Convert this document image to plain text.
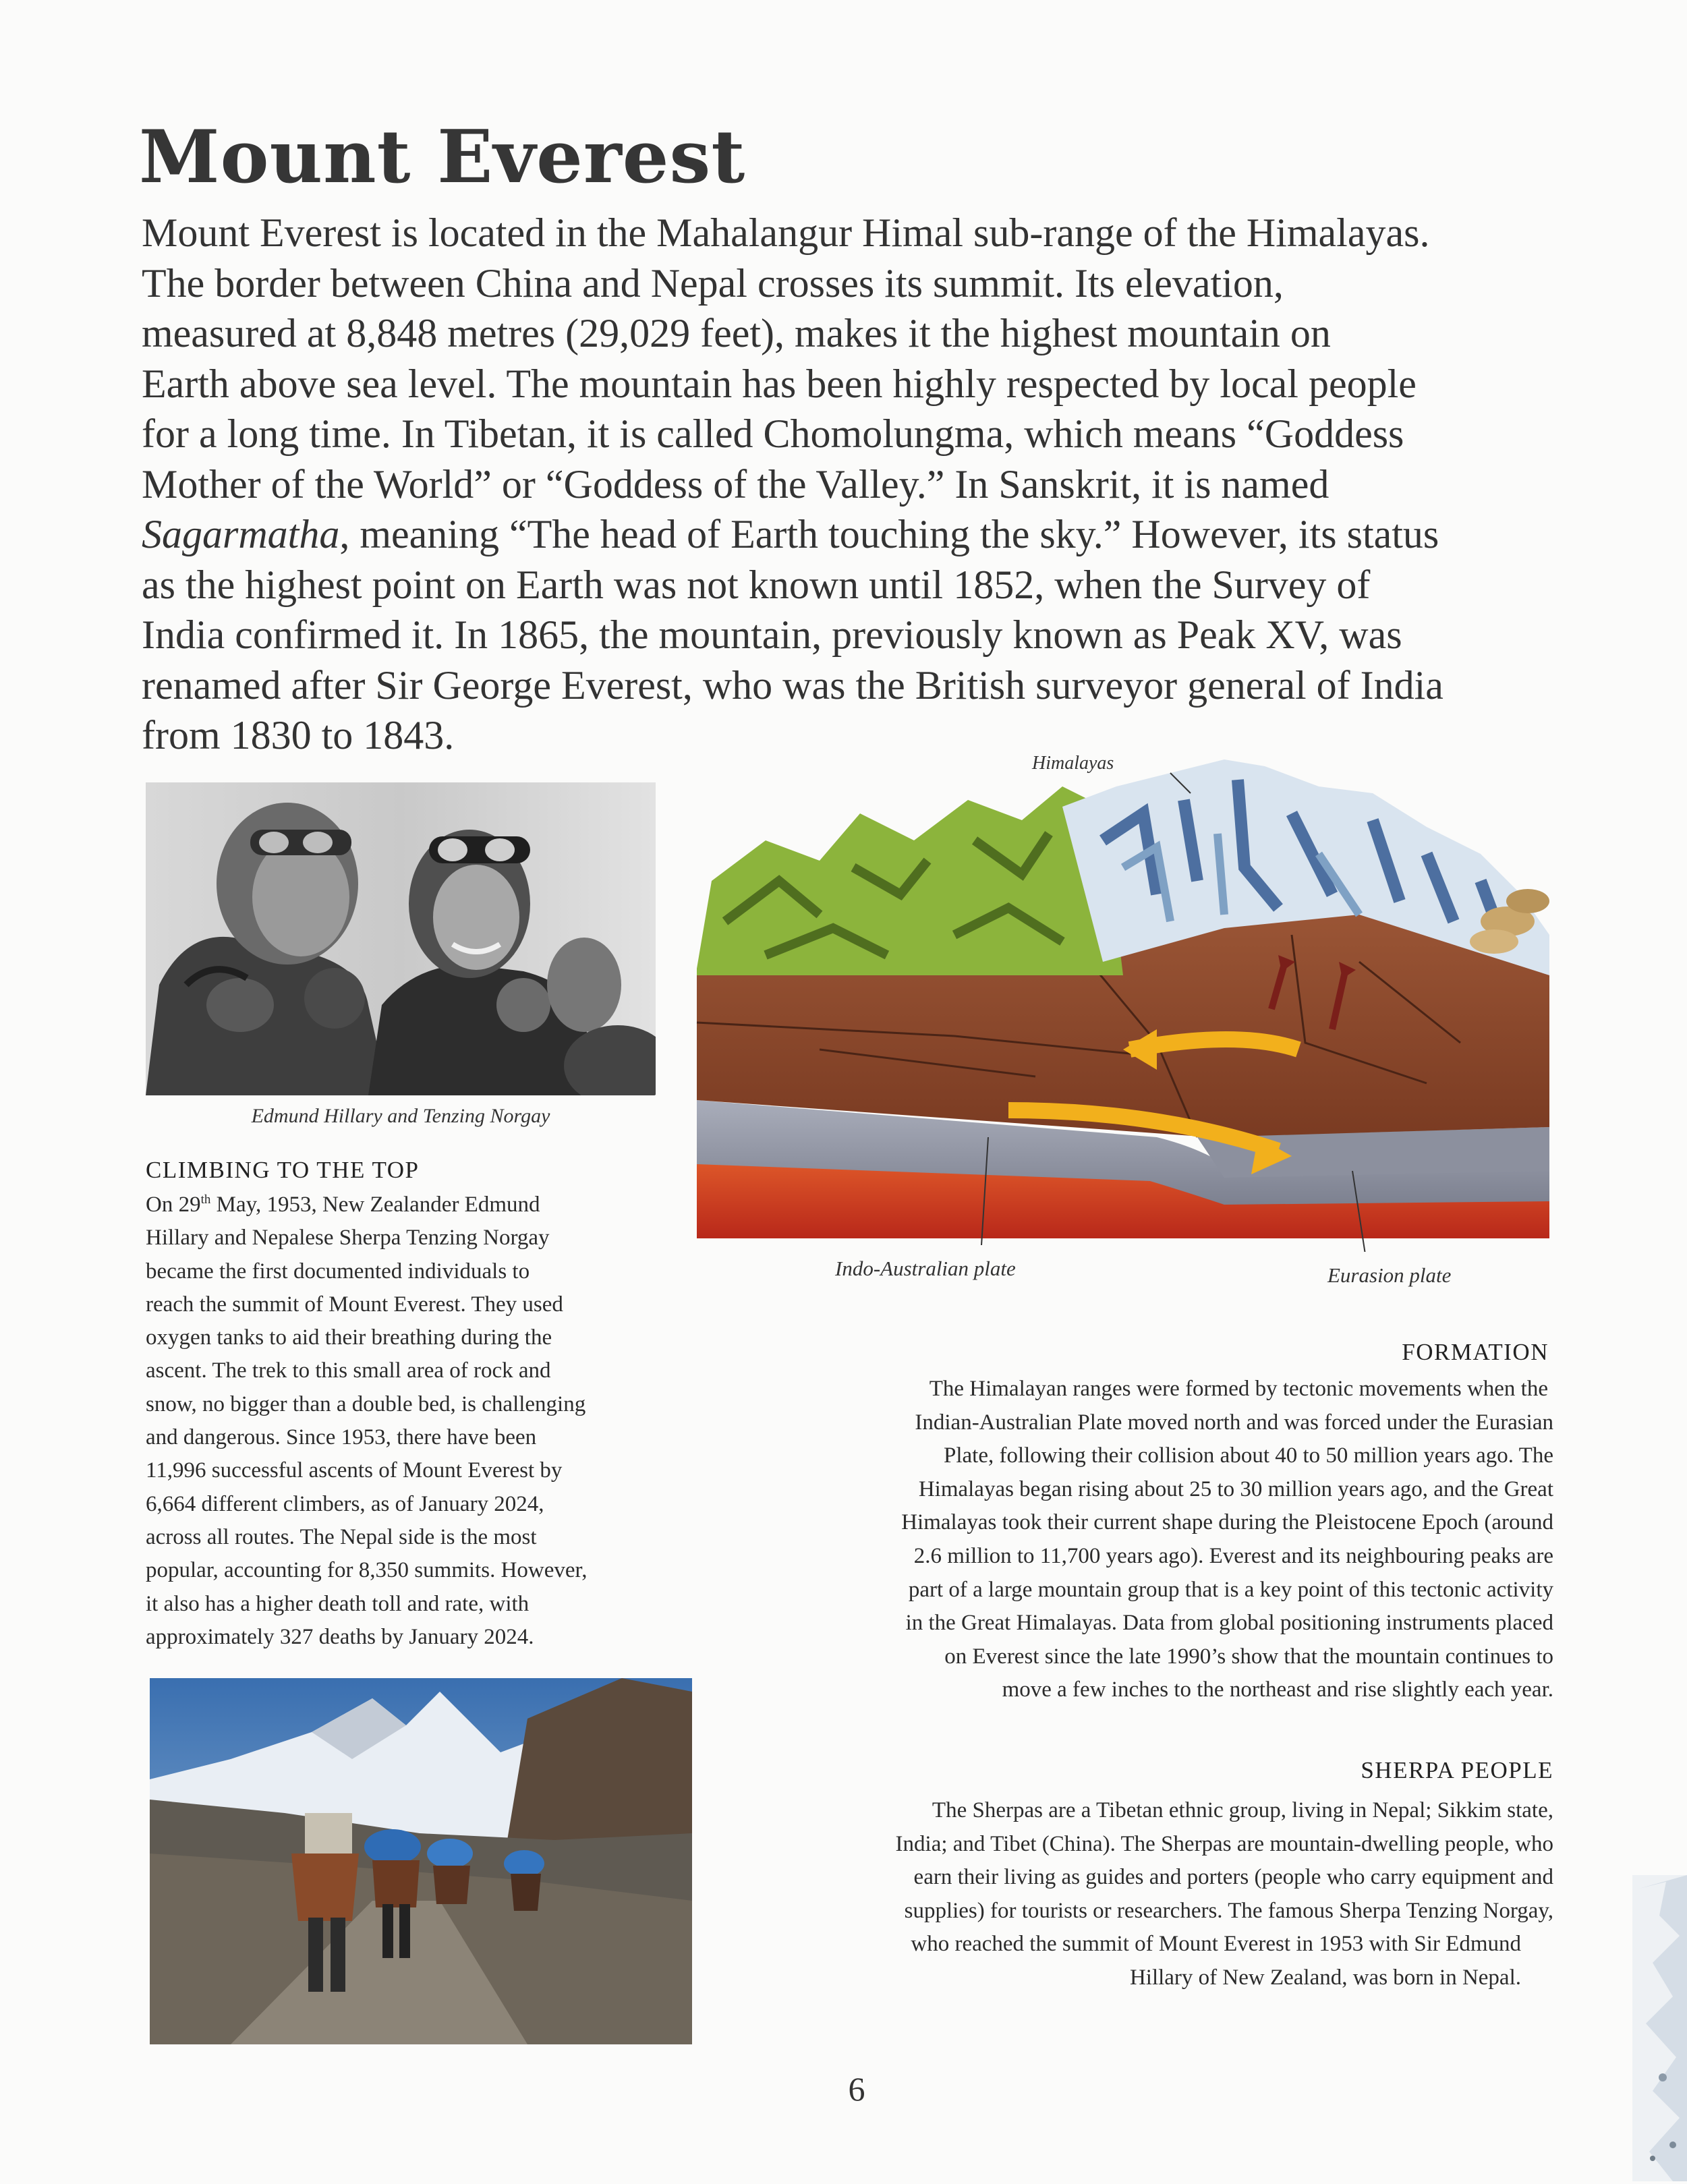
Mount Everest

Mount Everest is located in the Mahalangur Himal sub-range of the Himalayas.
The border between China and Nepal crosses its summit. Its elevation,
measured at 8,848 metres (29,029 feet), makes it the highest mountain on
Earth above sea level. The mountain has been highly respected by local people
for a long time. In Tibetan, it is called Chomolungma, which means “Goddess
Mother of the World” or “Goddess of the Valley.” In Sanskrit, it is named
Sagarmatha, meaning “The head of Earth touching the sky.” However, its status
as the highest point on Earth was not known until 1852, when the Survey of
India confirmed it. In 1865, the mountain, previously known as Peak XV, was
renamed after Sir George Everest, who was the British surveyor general of India
from 1830 to 1843.

Edmund Hillary and Tenzing Norgay
CLIMBING TO THE TOP

On 29th May, 1953, New Zealander Edmund
Hillary and Nepalese Sherpa Tenzing Norgay
became the first documented individuals to
reach the summit of Mount Everest. They used
oxygen tanks to aid their breathing during the
ascent. The trek to this small area of rock and
snow, no bigger than a double bed, is challenging
and dangerous. Since 1953, there have been
11,996 successful ascents of Mount Everest by
6,664 different climbers, as of January 2024,
across all routes. The Nepal side is the most
popular, accounting for 8,350 summits. However,
it also has a higher death toll and rate, with
approximately 327 deaths by January 2024.

Himalayas
Indo-Australian plate	Eurasion plate
FORMATION

The Himalayan ranges were formed by tectonic movements when the
Indian-Australian Plate moved north and was forced under the Eurasian
Plate, following their collision about 40 to 50 million years ago. The
Himalayas began rising about 25 to 30 million years ago, and the Great
Himalayas took their current shape during the Pleistocene Epoch (around
2.6 million to 11,700 years ago). Everest and its neighbouring peaks are
part of a large mountain group that is a key point of this tectonic activity
in the Great Himalayas. Data from global positioning instruments placed
on Everest since the late 1990’s show that the mountain continues to
move a few inches to the northeast and rise slightly each year.

SHERPA PEOPLE

The Sherpas are a Tibetan ethnic group, living in Nepal; Sikkim state,
India; and Tibet (China). The Sherpas are mountain-dwelling people, who
earn their living as guides and porters (people who carry equipment and
supplies) for tourists or researchers. The famous Sherpa Tenzing Norgay,
who reached the summit of Mount Everest in 1953 with Sir Edmund
Hillary of New Zealand, was born in Nepal.

6
